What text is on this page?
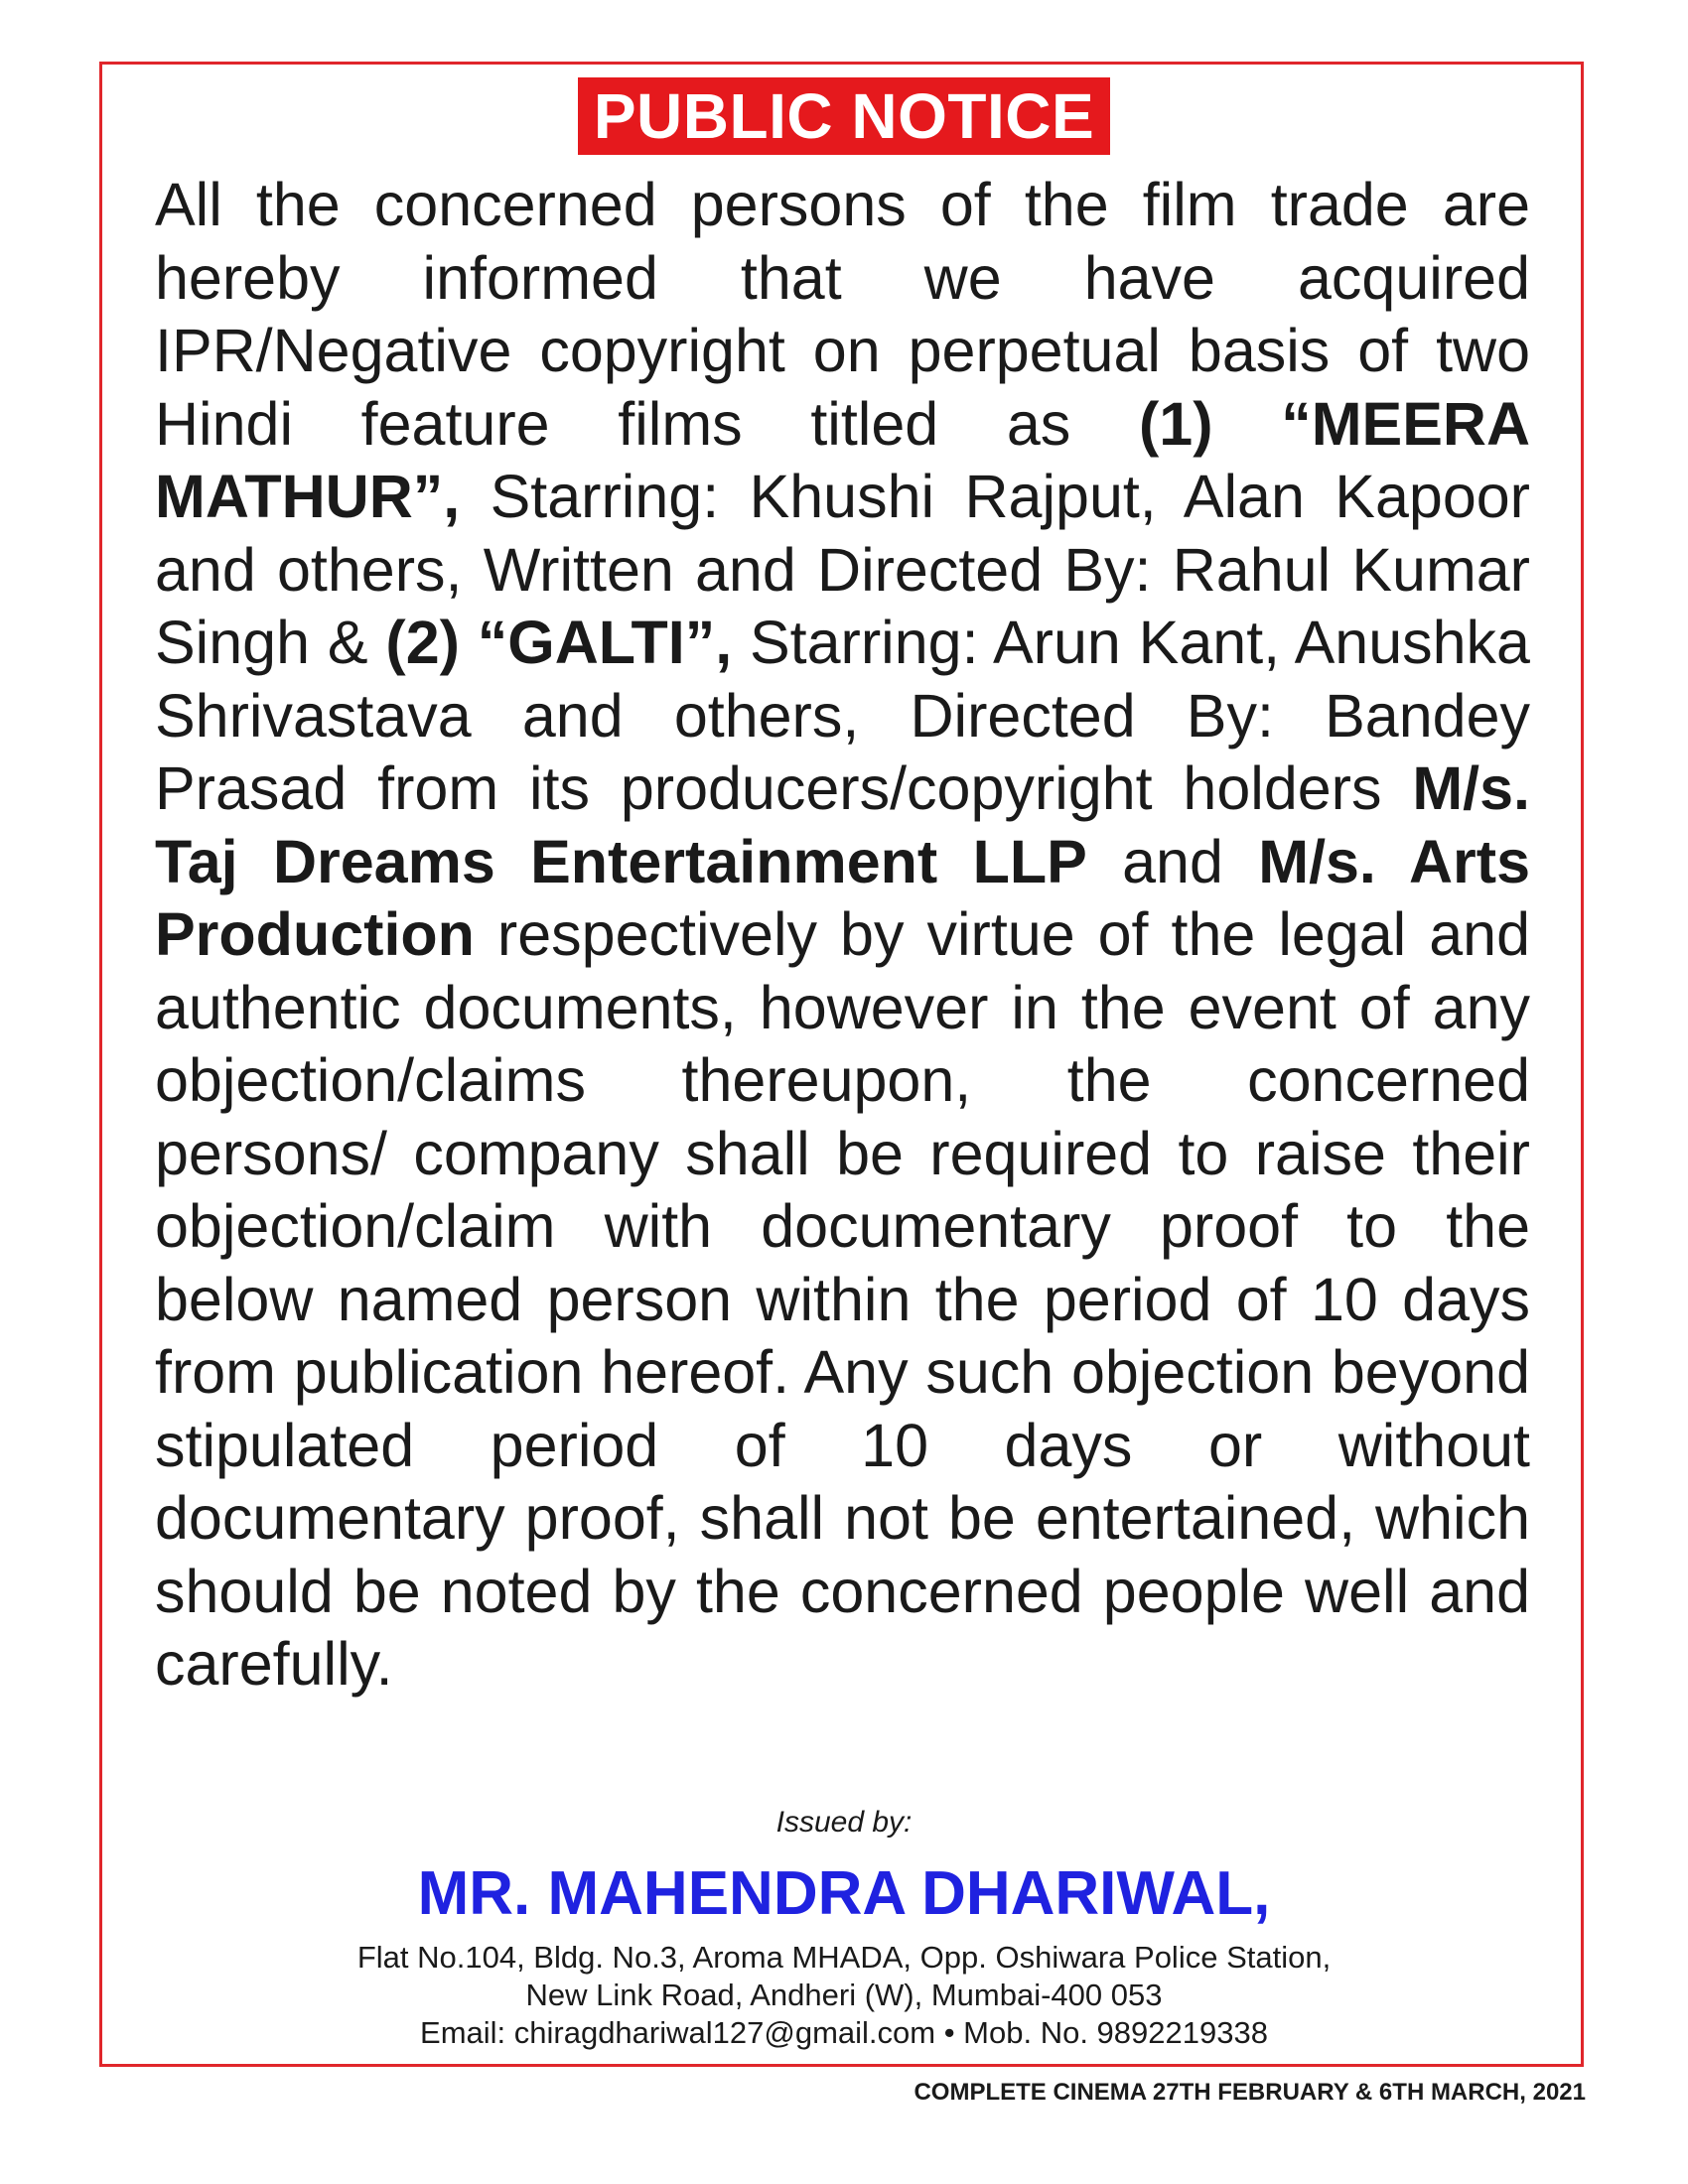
PUBLIC NOTICE
All the concerned persons of the film trade are hereby informed that we have acquired IPR/Negative copyright on perpetual basis of two Hindi feature films titled as (1) “MEERA MATHUR”, Starring: Khushi Rajput, Alan Kapoor and others, Written and Directed By: Rahul Kumar Singh & (2) “GALTI”, Starring: Arun Kant, Anushka Shrivastava and others, Directed By: Bandey Prasad from its producers/copyright holders M/s. Taj Dreams Entertainment LLP and M/s. Arts Production respectively by virtue of the legal and authentic documents, however in the event of any objection/claims thereupon, the concerned persons/ company shall be required to raise their objection/claim with documentary proof to the below named person within the period of 10 days from publication hereof. Any such objection beyond stipulated period of 10 days or without documentary proof, shall not be entertained, which should be noted by the concerned people well and carefully.
Issued by:
MR. MAHENDRA DHARIWAL,
Flat No.104, Bldg. No.3, Aroma MHADA, Opp. Oshiwara Police Station,
New Link Road, Andheri (W), Mumbai-400 053
Email: chiragdhariwal127@gmail.com • Mob. No. 9892219338
COMPLETE CINEMA 27TH FEBRUARY & 6TH MARCH, 2021
